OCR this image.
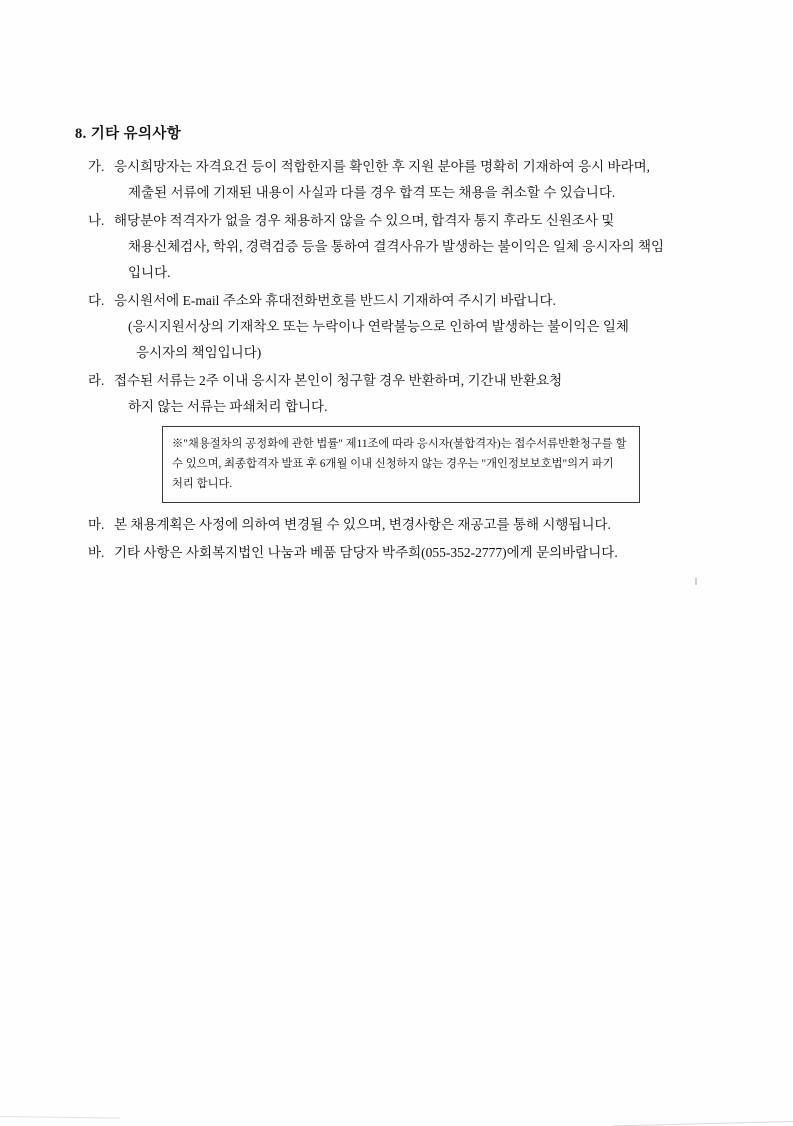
8. 기타 유의사항
가. 응시희망자는 자격요건 등이 적합한지를 확인한 후 지원 분야를 명확히 기재하여 응시 바라며,
제출된 서류에 기재된 내용이 사실과 다를 경우 합격 또는 채용을 취소할 수 있습니다.
나. 해당분야 적격자가 없을 경우 채용하지 않을 수 있으며, 합격자 통지 후라도 신원조사 및
채용신체검사, 학위, 경력검증 등을 통하여 결격사유가 발생하는 불이익은 일체 응시자의 책임
입니다.
다. 응시원서에 E-mail 주소와 휴대전화번호를 반드시 기재하여 주시기 바랍니다.
(응시지원서상의 기재착오 또는 누락이나 연락불능으로 인하여 발생하는 불이익은 일체
응시자의 책임입니다)
라. 접수된 서류는 2주 이내 응시자 본인이 청구할 경우 반환하며, 기간내 반환요청
하지 않는 서류는 파쇄처리 합니다.
※"채용절차의 공정화에 관한 법률" 제11조에 따라 응시자(불합격자)는 접수서류반환청구를 할 수 있으며, 최종합격자 발표 후 6개월 이내 신청하지 않는 경우는 "개인정보보호법"의거 파기 처리 합니다.
마. 본 채용계획은 사정에 의하여 변경될 수 있으며, 변경사항은 재공고를 통해 시행됩니다.
바. 기타 사항은 사회복지법인 나눔과 베품 담당자 박주희(055-352-2777)에게 문의바랍니다.
